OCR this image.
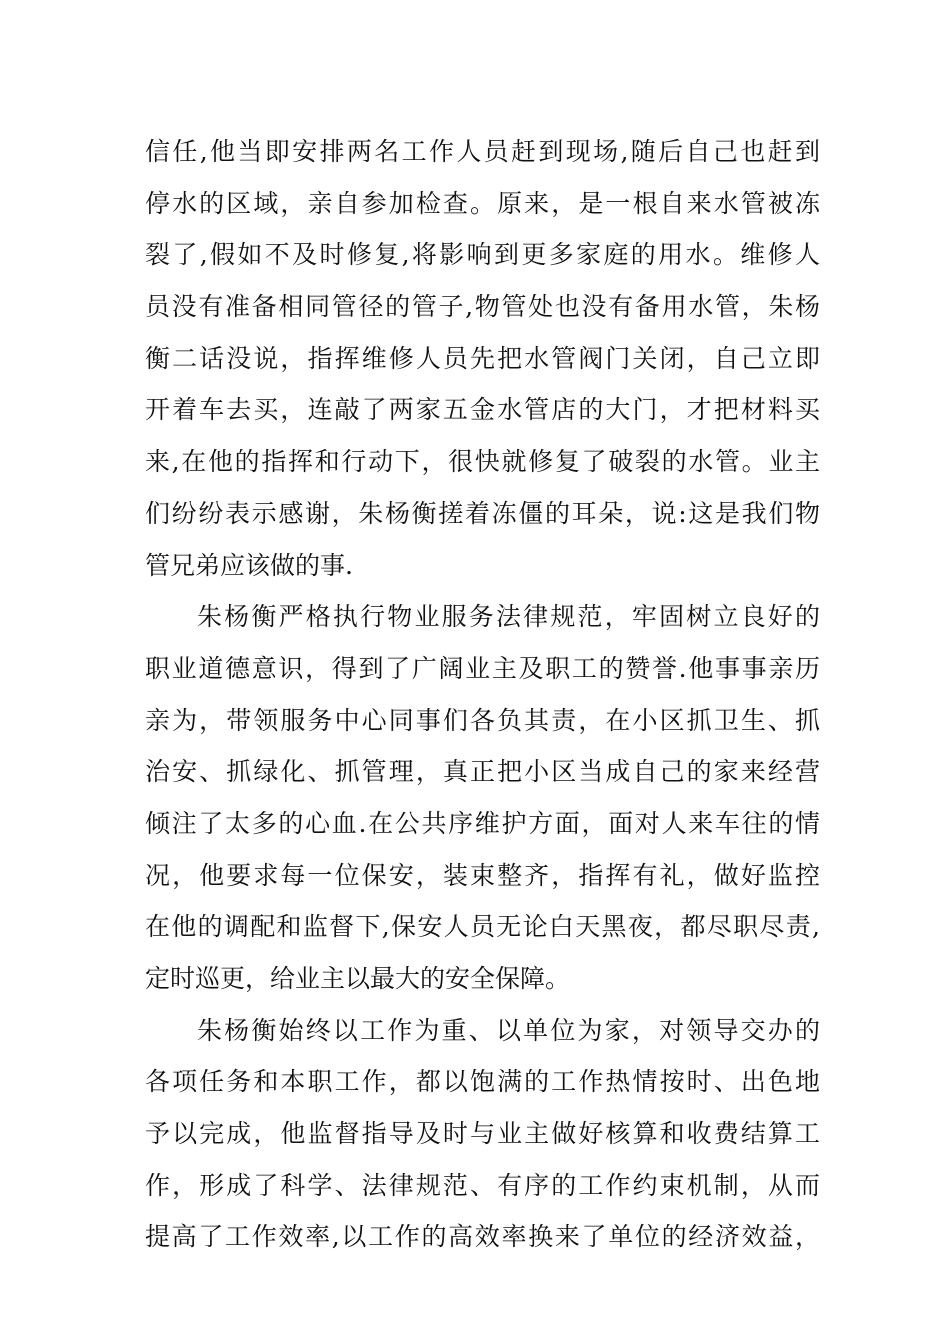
信任,他当即安排两名工作人员赶到现场,随后自己也赶到
停水的区域，亲自参加检查。原来，是一根自来水管被冻
裂了,假如不及时修复,将影响到更多家庭的用水。维修人
员没有准备相同管径的管子,物管处也没有备用水管，朱杨
衡二话没说，指挥维修人员先把水管阀门关闭，自己立即
开着车去买，连敲了两家五金水管店的大门，才把材料买
来,在他的指挥和行动下，很快就修复了破裂的水管。业主
们纷纷表示感谢，朱杨衡搓着冻僵的耳朵，说:这是我们物
管兄弟应该做的事.
朱杨衡严格执行物业服务法律规范，牢固树立良好的
职业道德意识，得到了广阔业主及职工的赞誉.他事事亲历
亲为，带领服务中心同事们各负其责，在小区抓卫生、抓
治安、抓绿化、抓管理，真正把小区当成自己的家来经营
倾注了太多的心血.在公共序维护方面，面对人来车往的情
况，他要求每一位保安，装束整齐，指挥有礼，做好监控
在他的调配和监督下,保安人员无论白天黑夜，都尽职尽责,
定时巡更，给业主以最大的安全保障。
朱杨衡始终以工作为重、以单位为家，对领导交办的
各项任务和本职工作，都以饱满的工作热情按时、出色地
予以完成，他监督指导及时与业主做好核算和收费结算工
作，形成了科学、法律规范、有序的工作约束机制，从而
提高了工作效率,以工作的高效率换来了单位的经济效益，
